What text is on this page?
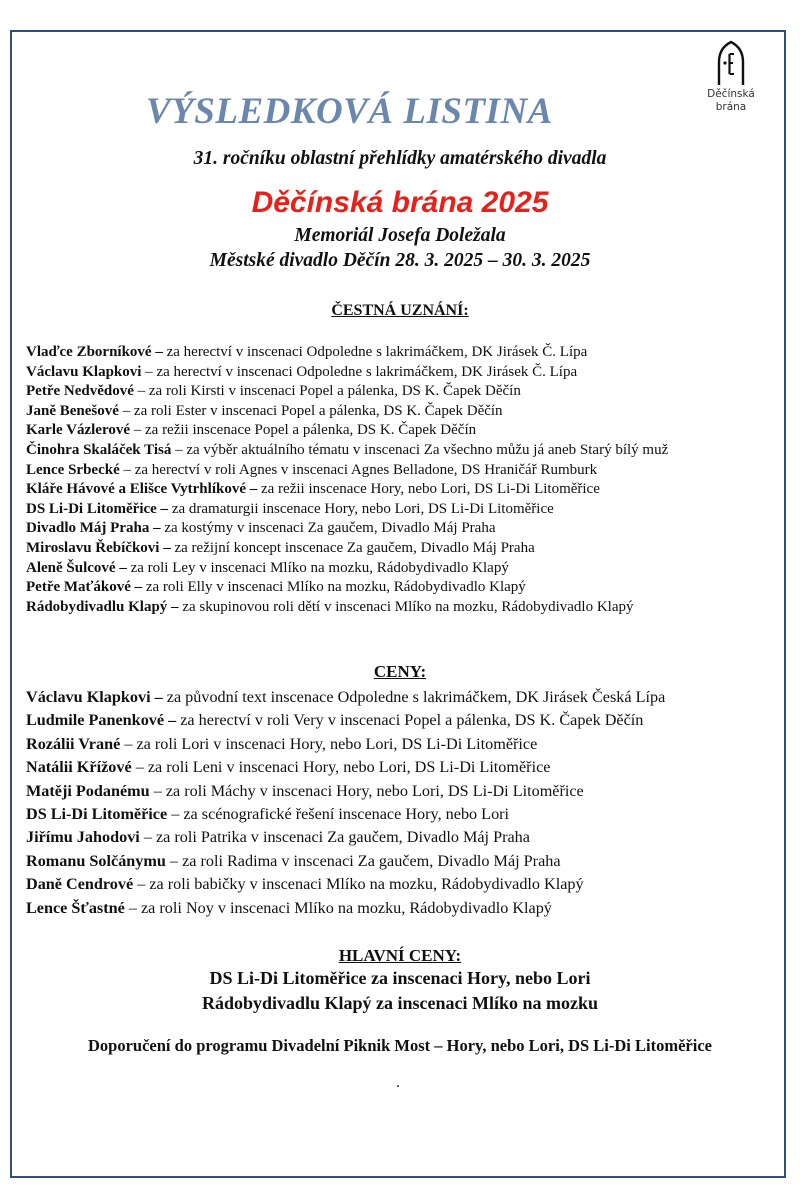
Děčínská
brána
VÝSLEDKOVÁ LISTINA
31. ročníku oblastní přehlídky amatérského divadla
Děčínská brána 2025
Memoriál Josefa Doležala
Městské divadlo Děčín 28. 3. 2025 – 30. 3. 2025
ČESTNÁ UZNÁNÍ:
Vlaďce Zborníkové – za herectví v inscenaci Odpoledne s lakrimáčkem, DK Jirásek Č. Lípa
Václavu Klapkovi – za herectví v inscenaci Odpoledne s lakrimáčkem, DK Jirásek Č. Lípa
Petře Nedvědové – za roli Kirsti v inscenaci Popel a pálenka, DS K. Čapek Děčín
Janě Benešové – za roli Ester v inscenaci Popel a pálenka, DS K. Čapek Děčín
Karle Vázlerové – za režii inscenace Popel a pálenka, DS K. Čapek Děčín
Činohra Skaláček Tisá – za výběr aktuálního tématu v inscenaci Za všechno můžu já aneb Starý bílý muž
Lence Srbecké – za herectví v roli Agnes v inscenaci Agnes Belladone, DS Hraničář Rumburk
Kláře Hávové a Elišce Vytrhlíkové – za režii inscenace Hory, nebo Lori, DS Li-Di Litoměřice
DS Li-Di Litoměřice – za dramaturgii inscenace Hory, nebo Lori, DS Li-Di Litoměřice
Divadlo Máj Praha – za kostýmy v inscenaci Za gaučem, Divadlo Máj Praha
Miroslavu Řebíčkovi – za režijní koncept inscenace Za gaučem, Divadlo Máj Praha
Aleně Šulcové – za roli Ley v inscenaci Mlíko na mozku, Rádobydivadlo Klapý
Petře Maťákové – za roli Elly v inscenaci Mlíko na mozku, Rádobydivadlo Klapý
Rádobydivadlu Klapý – za skupinovou roli dětí v inscenaci Mlíko na mozku, Rádobydivadlo Klapý
CENY:
Václavu Klapkovi – za původní text inscenace Odpoledne s lakrimáčkem, DK Jirásek Česká Lípa
Ludmile Panenkové – za herectví v roli Very v inscenaci Popel a pálenka, DS K. Čapek Děčín
Rozálii Vrané – za roli Lori v inscenaci Hory, nebo Lori, DS Li-Di Litoměřice
Natálii Křížové – za roli Leni v inscenaci Hory, nebo Lori, DS Li-Di Litoměřice
Matěji Podanému – za roli Máchy v inscenaci Hory, nebo Lori, DS Li-Di Litoměřice
DS Li-Di Litoměřice – za scénografické řešení inscenace Hory, nebo Lori
Jiřímu Jahodovi – za roli Patrika v inscenaci Za gaučem, Divadlo Máj Praha
Romanu Solčánymu – za roli Radima v inscenaci Za gaučem, Divadlo Máj Praha
Daně Cendrové – za roli babičky v inscenaci Mlíko na mozku, Rádobydivadlo Klapý
Lence Šťastné – za roli Noy v inscenaci Mlíko na mozku, Rádobydivadlo Klapý
HLAVNÍ CENY:
DS Li-Di Litoměřice za inscenaci Hory, nebo Lori
Rádobydivadlu Klapý za inscenaci Mlíko na mozku
Doporučení do programu Divadelní Piknik Most – Hory, nebo Lori, DS Li-Di Litoměřice
.
